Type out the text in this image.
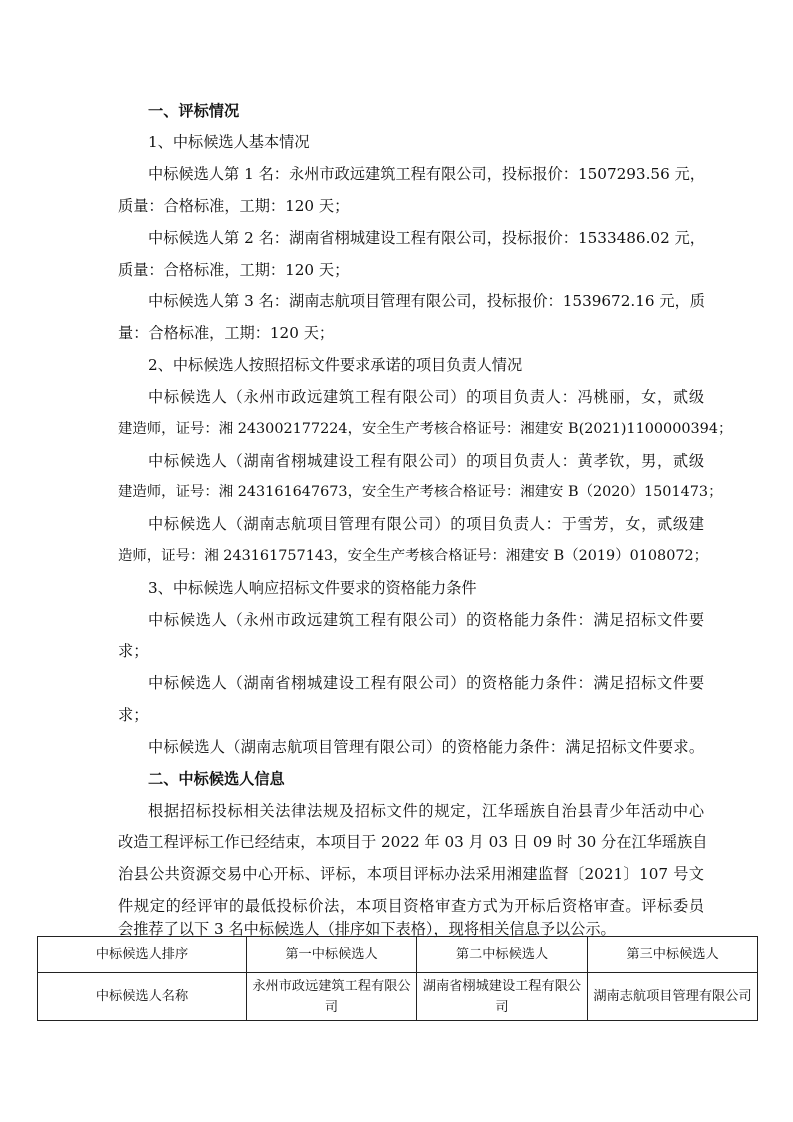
一、评标情况
1、中标候选人基本情况
中标候选人第 1 名：永州市政远建筑工程有限公司，投标报价：1507293.56 元，
质量：合格标准，工期：120 天；
中标候选人第 2 名：湖南省栩城建设工程有限公司，投标报价：1533486.02 元，
质量：合格标准，工期：120 天；
中标候选人第 3 名：湖南志航项目管理有限公司，投标报价：1539672.16 元，质
量：合格标准，工期：120 天；
2、中标候选人按照招标文件要求承诺的项目负责人情况
中标候选人（永州市政远建筑工程有限公司）的项目负责人：冯桃丽，女，贰级
建造师，证号：湘 243002177224，安全生产考核合格证号：湘建安 B(2021)1100000394；
中标候选人（湖南省栩城建设工程有限公司）的项目负责人：黄孝钦，男，贰级
建造师，证号：湘 243161647673，安全生产考核合格证号：湘建安 B（2020）1501473；
中标候选人（湖南志航项目管理有限公司）的项目负责人：于雪芳，女，贰级建
造师，证号：湘 243161757143，安全生产考核合格证号：湘建安 B（2019）0108072；
3、中标候选人响应招标文件要求的资格能力条件
中标候选人（永州市政远建筑工程有限公司）的资格能力条件：满足招标文件要
求；
中标候选人（湖南省栩城建设工程有限公司）的资格能力条件：满足招标文件要
求；
中标候选人（湖南志航项目管理有限公司）的资格能力条件：满足招标文件要求。
二、中标候选人信息
根据招标投标相关法律法规及招标文件的规定，江华瑶族自治县青少年活动中心
改造工程评标工作已经结束，本项目于 2022 年 03 月 03 日 09 时 30 分在江华瑶族自
治县公共资源交易中心开标、评标，本项目评标办法采用湘建监督〔2021〕107 号文
件规定的经评审的最低投标价法，本项目资格审查方式为开标后资格审查。评标委员
会推荐了以下 3 名中标候选人（排序如下表格），现将相关信息予以公示。
中标候选人排序	第一中标候选人	第二中标候选人	第三中标候选人
中标候选人名称	永州市政远建筑工程有限公司	湖南省栩城建设工程有限公司	湖南志航项目管理有限公司
